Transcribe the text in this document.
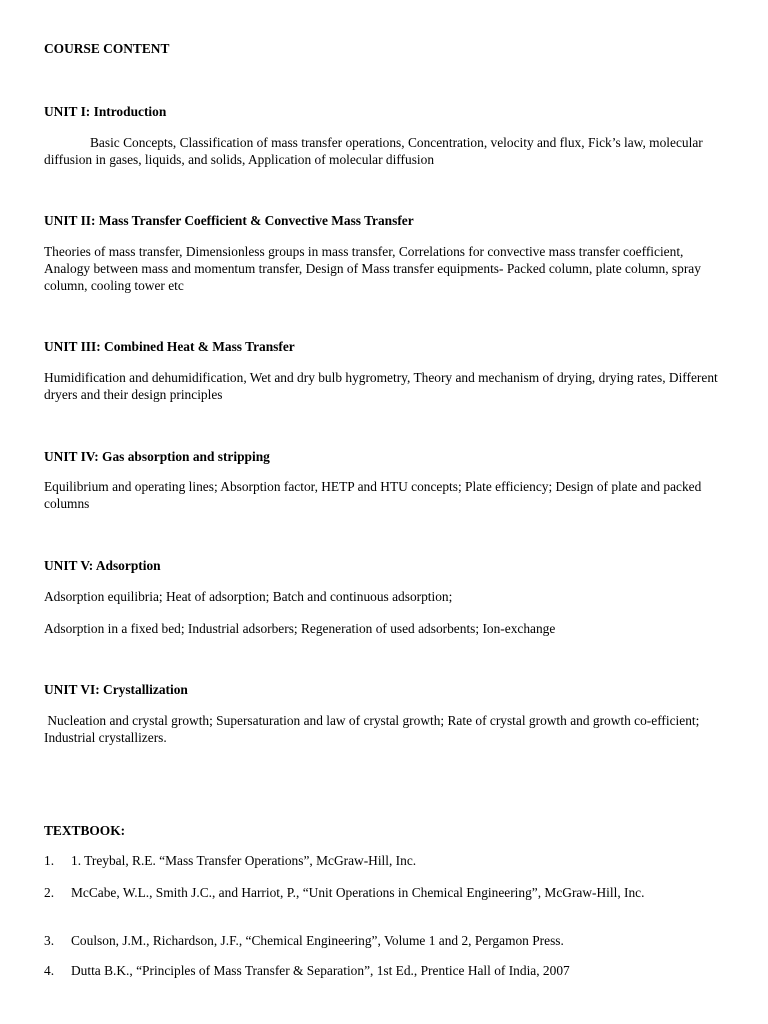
COURSE CONTENT
UNIT I: Introduction

Basic Concepts, Classification of mass transfer operations, Concentration, velocity and flux, Fick’s law, molecular diffusion in gases, liquids, and solids, Application of molecular diffusion

UNIT II: Mass Transfer Coefficient & Convective Mass Transfer

Theories of mass transfer, Dimensionless groups in mass transfer, Correlations for convective mass transfer coefficient, Analogy between mass and momentum transfer, Design of Mass transfer equipments- Packed column, plate column, spray column, cooling tower etc

UNIT III: Combined Heat & Mass Transfer

Humidification and dehumidification, Wet and dry bulb hygrometry, Theory and mechanism of drying, drying rates, Different dryers and their design principles

UNIT IV: Gas absorption and stripping

Equilibrium and operating lines; Absorption factor, HETP and HTU concepts; Plate efficiency; Design of plate and packed columns

UNIT V: Adsorption

Adsorption equilibria; Heat of adsorption; Batch and continuous adsorption;

Adsorption in a fixed bed; Industrial adsorbers; Regeneration of used adsorbents; Ion-exchange

UNIT VI: Crystallization

Nucleation and crystal growth; Supersaturation and law of crystal growth; Rate of crystal growth and growth co-efficient; Industrial crystallizers.

TEXTBOOK:
1.	1. Treybal, R.E. “Mass Transfer Operations”, McGraw-Hill, Inc.
2.	McCabe, W.L., Smith J.C., and Harriot, P., “Unit Operations in Chemical Engineering”, McGraw-Hill, Inc.
3.	Coulson, J.M., Richardson, J.F., “Chemical Engineering”, Volume 1 and 2, Pergamon Press.
4.	Dutta B.K., “Principles of Mass Transfer & Separation”, 1st Ed., Prentice Hall of India, 2007
